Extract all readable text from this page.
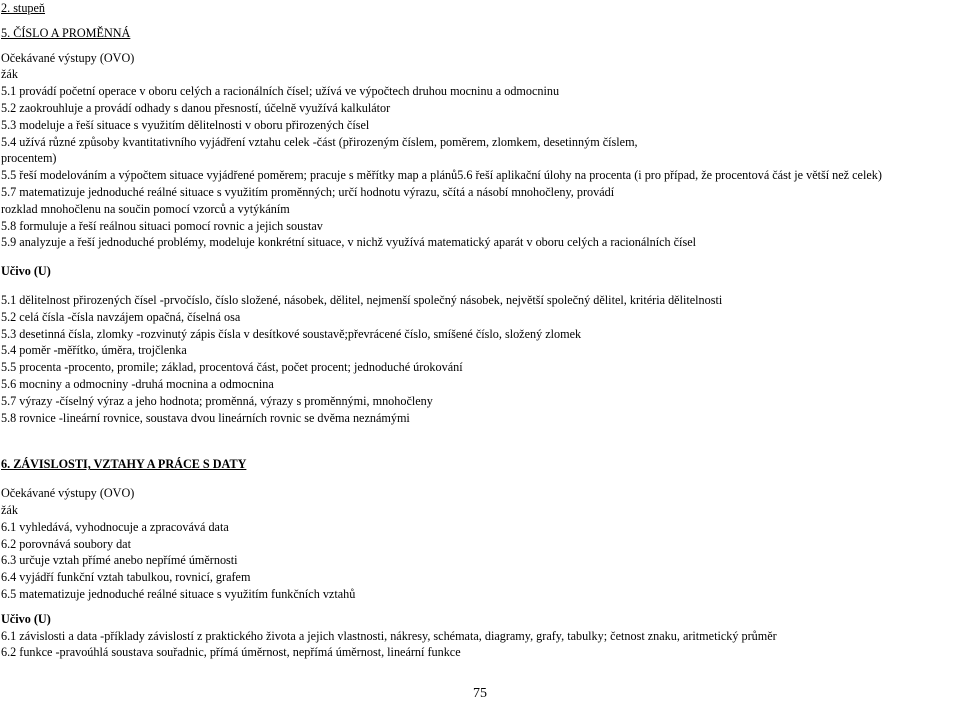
2. stupeň
5. ČÍSLO A PROMĚNNÁ
Očekávané výstupy (OVO)
žák
5.1 provádí početní operace v oboru celých a racionálních čísel; užívá ve výpočtech druhou mocninu a odmocninu
5.2 zaokrouhluje a provádí odhady s danou přesností, účelně využívá kalkulátor
5.3 modeluje a řeší situace s využitím dělitelnosti v oboru přirozených čísel
5.4 užívá různé způsoby kvantitativního vyjádření vztahu celek -část (přirozeným číslem, poměrem, zlomkem, desetinným číslem,
procentem)
5.5 řeší modelováním a výpočtem situace vyjádřené poměrem; pracuje s měřítky map a plánů5.6 řeší aplikační úlohy na procenta (i pro případ, že procentová část je větší než celek)
5.7 matematizuje jednoduché reálné situace s využitím proměnných; určí hodnotu výrazu, sčítá a násobí mnohočleny, provádí
rozklad mnohočlenu na součin pomocí vzorců a vytýkáním
5.8 formuluje a řeší reálnou situaci pomocí rovnic a jejich soustav
5.9 analyzuje a řeší jednoduché problémy, modeluje konkrétní situace, v nichž využívá matematický aparát v oboru celých a racionálních čísel
Učivo (U)
5.1 dělitelnost přirozených čísel -prvočíslo, číslo složené, násobek, dělitel, nejmenší společný násobek, největší společný dělitel, kritéria dělitelnosti
5.2 celá čísla -čísla navzájem opačná, číselná osa
5.3 desetinná čísla, zlomky -rozvinutý zápis čísla v desítkové soustavě;převrácené číslo, smíšené číslo, složený zlomek
5.4 poměr -měřítko, úměra, trojčlenka
5.5 procenta -procento, promile; základ, procentová část, počet procent; jednoduché úrokování
5.6 mocniny a odmocniny -druhá mocnina a odmocnina
5.7 výrazy -číselný výraz a jeho hodnota; proměnná, výrazy s proměnnými, mnohočleny
5.8 rovnice -lineární rovnice, soustava dvou lineárních rovnic se dvěma neznámými
6. ZÁVISLOSTI, VZTAHY A PRÁCE S DATY
Očekávané výstupy (OVO)
žák
6.1 vyhledává, vyhodnocuje a zpracovává data
6.2 porovnává soubory dat
6.3 určuje vztah přímé anebo nepřímé úměrnosti
6.4 vyjádří funkční vztah tabulkou, rovnicí, grafem
6.5 matematizuje jednoduché reálné situace s využitím funkčních vztahů
Učivo (U)
6.1 závislosti a data -příklady závislostí z praktického života a jejich vlastnosti, nákresy, schémata, diagramy, grafy, tabulky; četnost znaku, aritmetický průměr
6.2 funkce -pravoúhlá soustava souřadnic, přímá úměrnost, nepřímá úměrnost, lineární funkce
75
